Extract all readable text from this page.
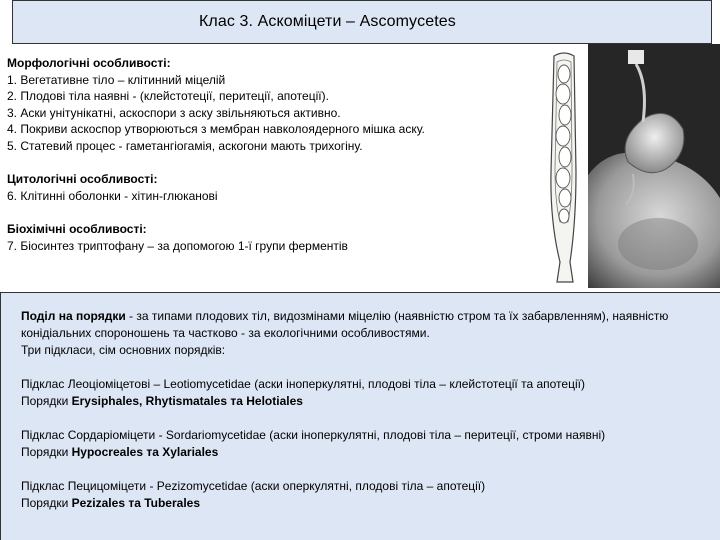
Клас 3. Аскоміцети – Ascomycetes
Морфологічні особливості:
1. Вегетативне тіло – клітинний міцелій
2. Плодові тіла наявні - (клейстотеції, перитеції, апотеції).
3. Аски унітунікатні, аскоспори з аску звільняються активно.
4. Покриви аскоспор утворюються з мембран навколоядерного мішка аску.
5. Статевий процес - гаметангіогамія, аскогони мають трихогіну.
Цитологічні особливості:
6. Клітинні оболонки - хітин-глюканові
Біохімічні особливості:
7. Біосинтез триптофану – за допомогою 1-ї групи ферментів

Поділ на порядки - за типами плодових тіл, видозмінами міцелію (наявністю стром та їх забарвленням), наявністю конідіальних спороношень та частково - за екологічними особливостями.
Три підкласи, сім основних порядків:

Підклас Леоціоміцетові – Leotiomycetidae (аски іноперкулятні, плодові тіла – клейстотеції та апотеції)
Порядки Erysiphales, Rhytismatales та Helotiales

Підклас Сордаріоміцети - Sordariomycetidae (аски іноперкулятні, плодові тіла – перитеції, строми наявні)
Порядки Hypocreales та Xylariales

Підклас Пецицоміцети - Pezizomycetidae (аски оперкулятні, плодові тіла – апотеції)
Порядки Pezizales та Tuberales
